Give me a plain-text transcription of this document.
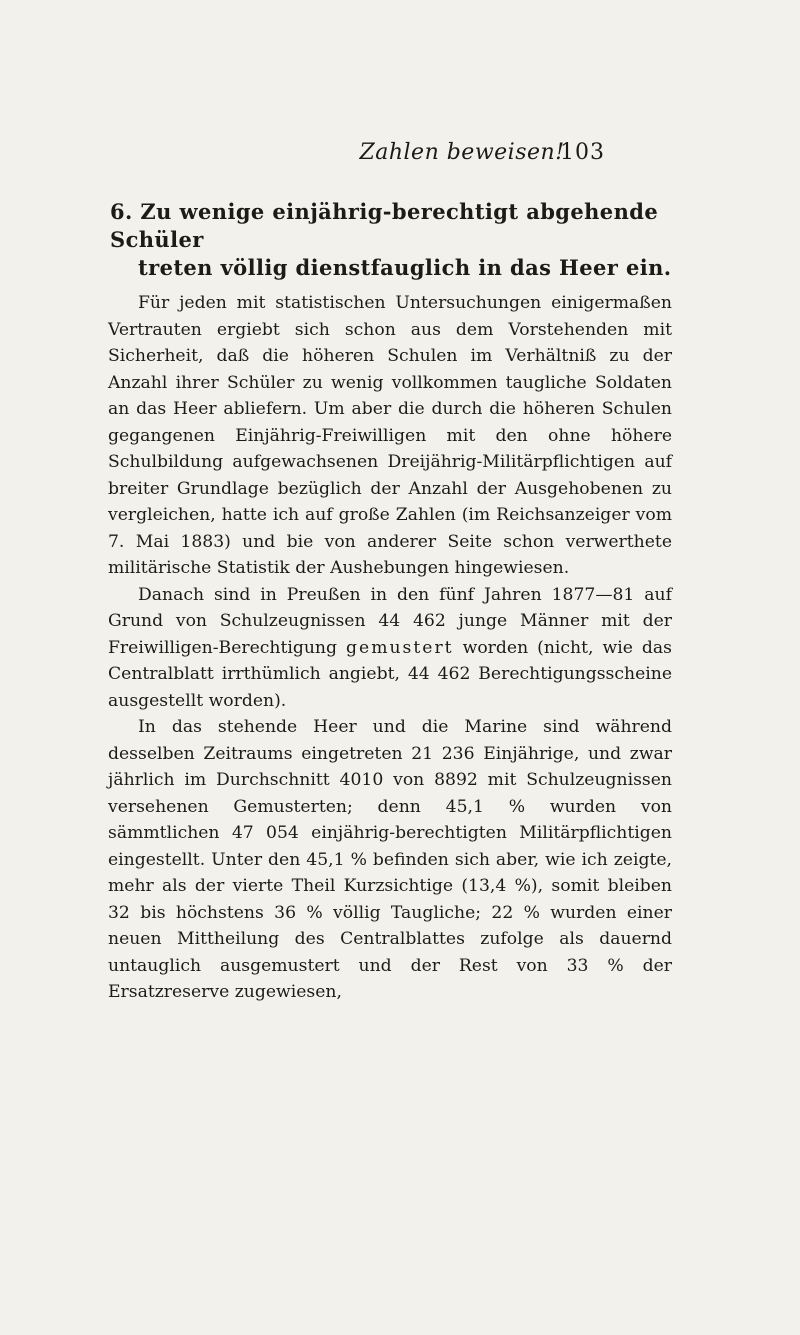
Zahlen beweisen!
103
6. Zu wenige einjährig-berechtigt abgehende Schüler
treten völlig dienstfauglich in das Heer ein.

Für jeden mit statistischen Untersuchungen einigermaßen Vertrauten ergiebt sich schon aus dem Vorstehenden mit Sicherheit, daß die höheren Schulen im Verhältniß zu der Anzahl ihrer Schüler zu wenig vollkommen taugliche Soldaten an das Heer abliefern. Um aber die durch die höheren Schulen gegangenen Einjährig-Freiwilligen mit den ohne höhere Schulbildung aufgewachsenen Dreijährig-Militärpflichtigen auf breiter Grundlage bezüglich der Anzahl der Ausgehobenen zu vergleichen, hatte ich auf große Zahlen (im Reichsanzeiger vom 7. Mai 1883) und bie von anderer Seite schon verwerthete militärische Statistik der Aushebungen hingewiesen.

Danach sind in Preußen in den fünf Jahren 1877—81 auf Grund von Schulzeugnissen 44 462 junge Männer mit der Freiwilligen-Berechtigung gemustert worden (nicht, wie das Centralblatt irrthümlich angiebt, 44 462 Berechtigungsscheine ausgestellt worden).

In das stehende Heer und die Marine sind während desselben Zeitraums eingetreten 21 236 Einjährige, und zwar jährlich im Durchschnitt 4010 von 8892 mit Schulzeugnissen versehenen Gemusterten; denn 45,1 % wurden von sämmtlichen 47 054 einjährig-berechtigten Militärpflichtigen eingestellt. Unter den 45,1 % befinden sich aber, wie ich zeigte, mehr als der vierte Theil Kurzsichtige (13,4 %), somit bleiben 32 bis höchstens 36 % völlig Taugliche; 22 % wurden einer neuen Mittheilung des Centralblattes zufolge als dauernd untauglich ausgemustert und der Rest von 33 % der Ersatzreserve zugewiesen,
